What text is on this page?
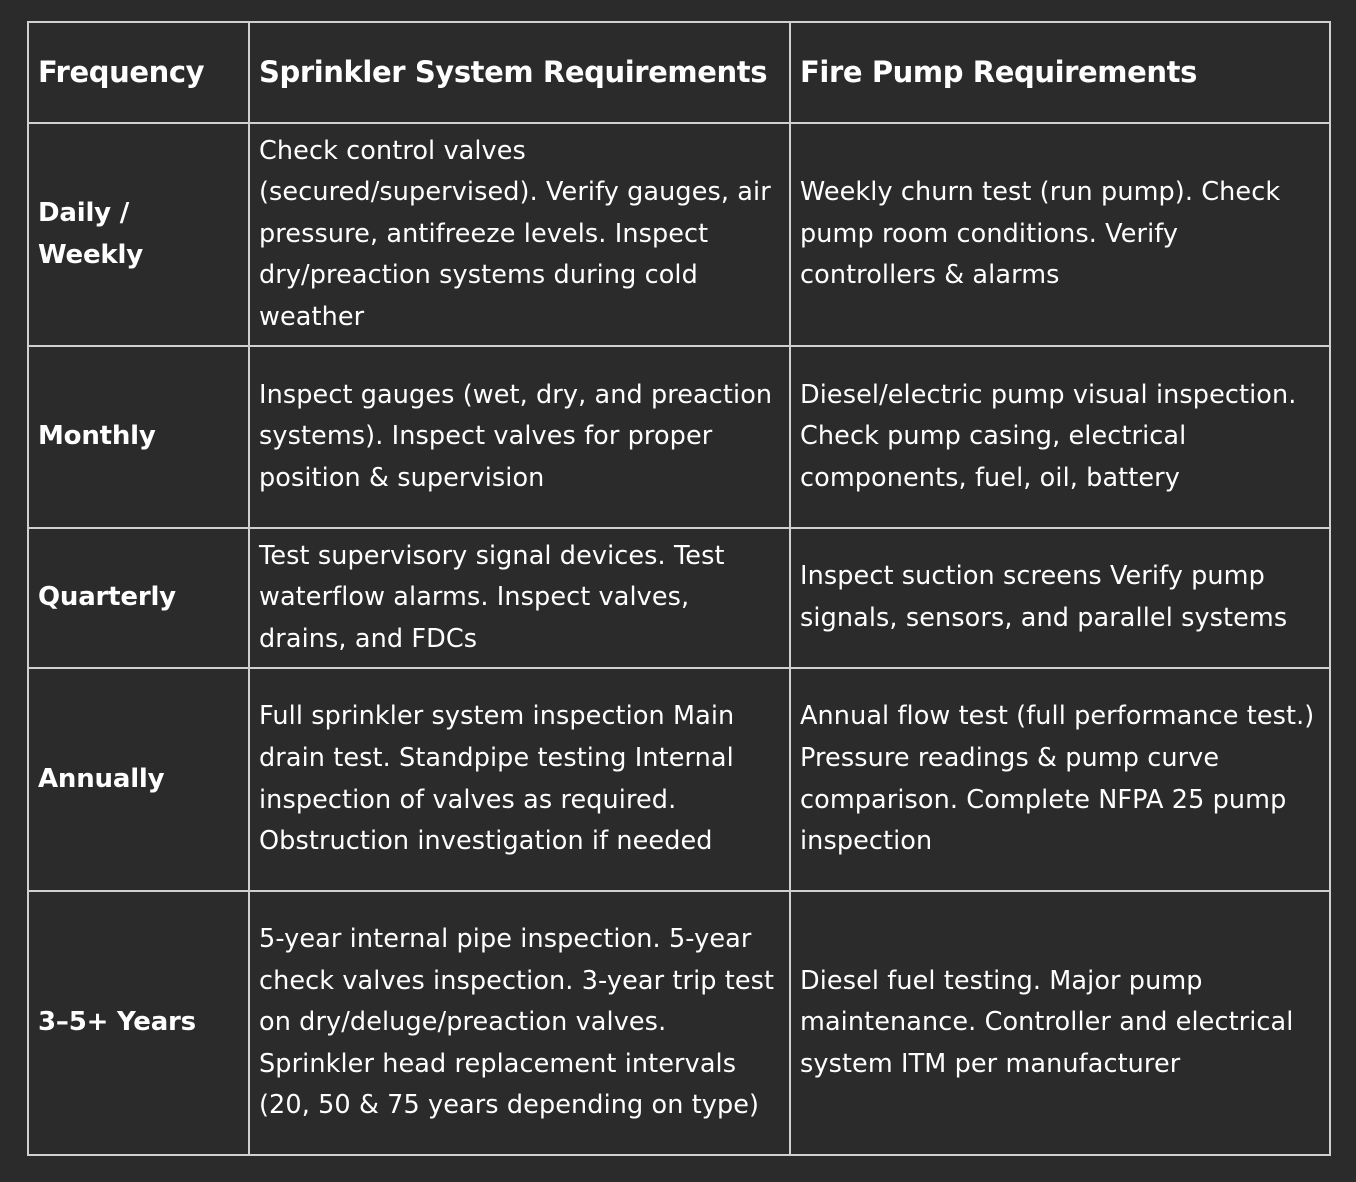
Frequency	Sprinkler System Requirements	Fire Pump Requirements
Daily / Weekly	Check control valves (secured/supervised). Verify gauges, air pressure, antifreeze levels. Inspect dry/preaction systems during cold weather	Weekly churn test (run pump). Check pump room conditions. Verify controllers & alarms
Monthly	Inspect gauges (wet, dry, and preaction systems). Inspect valves for proper position & supervision	Diesel/electric pump visual inspection. Check pump casing, electrical components, fuel, oil, battery
Quarterly	Test supervisory signal devices. Test waterflow alarms. Inspect valves, drains, and FDCs	Inspect suction screens Verify pump signals, sensors, and parallel systems
Annually	Full sprinkler system inspection Main drain test. Standpipe testing Internal inspection of valves as required. Obstruction investigation if needed	Annual flow test (full performance test.) Pressure readings & pump curve comparison. Complete NFPA 25 pump inspection
3–5+ Years	5-year internal pipe inspection. 5-year check valves inspection. 3-year trip test on dry/deluge/preaction valves. Sprinkler head replacement intervals (20, 50 & 75 years depending on type)	Diesel fuel testing. Major pump maintenance. Controller and electrical system ITM per manufacturer
